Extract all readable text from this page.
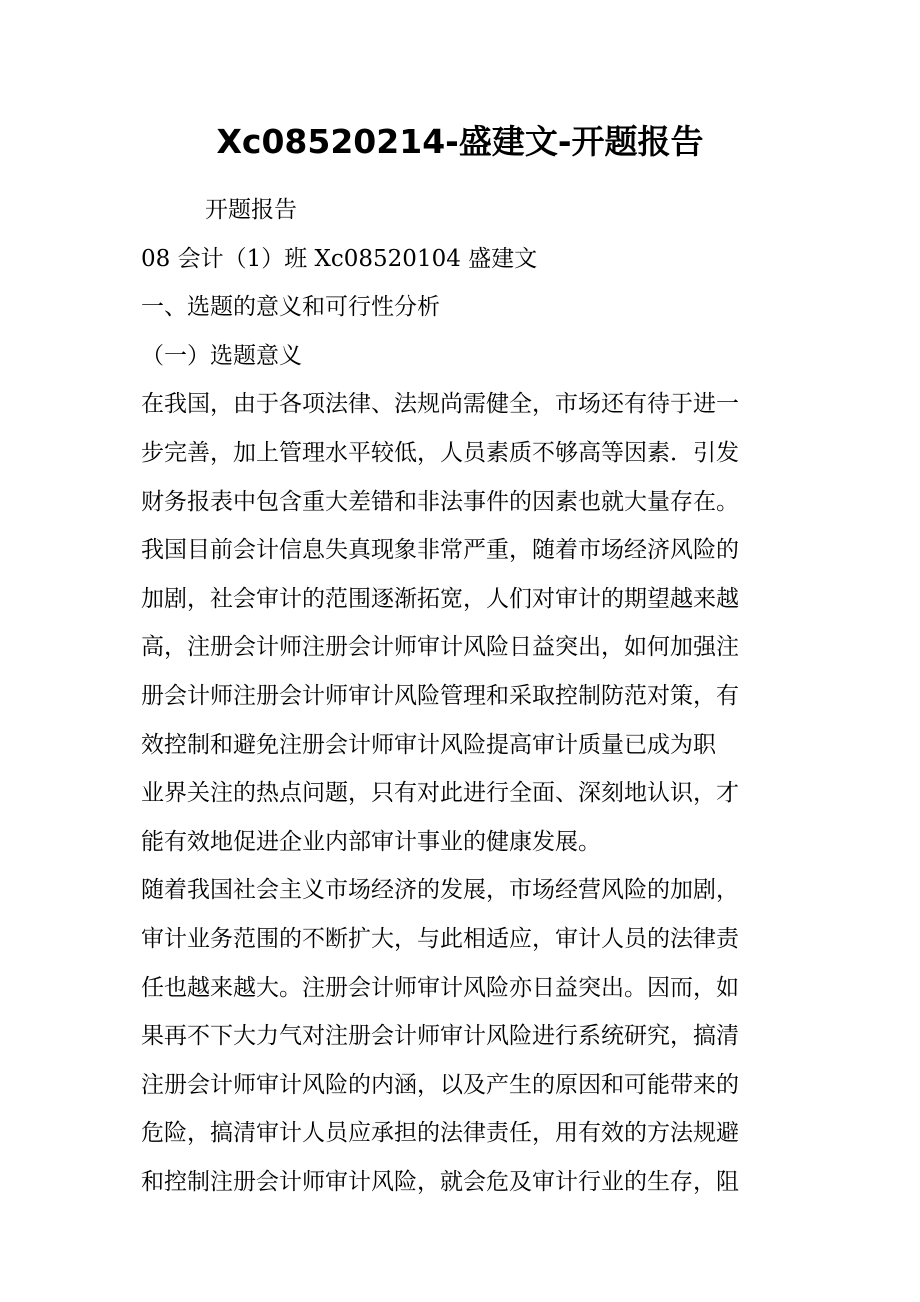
Xc08520214-盛建文-开题报告
开题报告
08 会计（1）班 Xc08520104 盛建文
一、选题的意义和可行性分析
（一）选题意义
在我国，由于各项法律、法规尚需健全，市场还有待于进一
步完善，加上管理水平较低，人员素质不够高等因素．引发
财务报表中包含重大差错和非法事件的因素也就大量存在。
我国目前会计信息失真现象非常严重，随着市场经济风险的
加剧，社会审计的范围逐渐拓宽，人们对审计的期望越来越
高，注册会计师注册会计师审计风险日益突出，如何加强注
册会计师注册会计师审计风险管理和采取控制防范对策，有
效控制和避免注册会计师审计风险提高审计质量已成为职
业界关注的热点问题，只有对此进行全面、深刻地认识，才
能有效地促进企业内部审计事业的健康发展。
随着我国社会主义市场经济的发展，市场经营风险的加剧，
审计业务范围的不断扩大，与此相适应，审计人员的法律责
任也越来越大。注册会计师审计风险亦日益突出。因而，如
果再不下大力气对注册会计师审计风险进行系统研究，搞清
注册会计师审计风险的内涵，以及产生的原因和可能带来的
危险，搞清审计人员应承担的法律责任，用有效的方法规避
和控制注册会计师审计风险，就会危及审计行业的生存，阻
